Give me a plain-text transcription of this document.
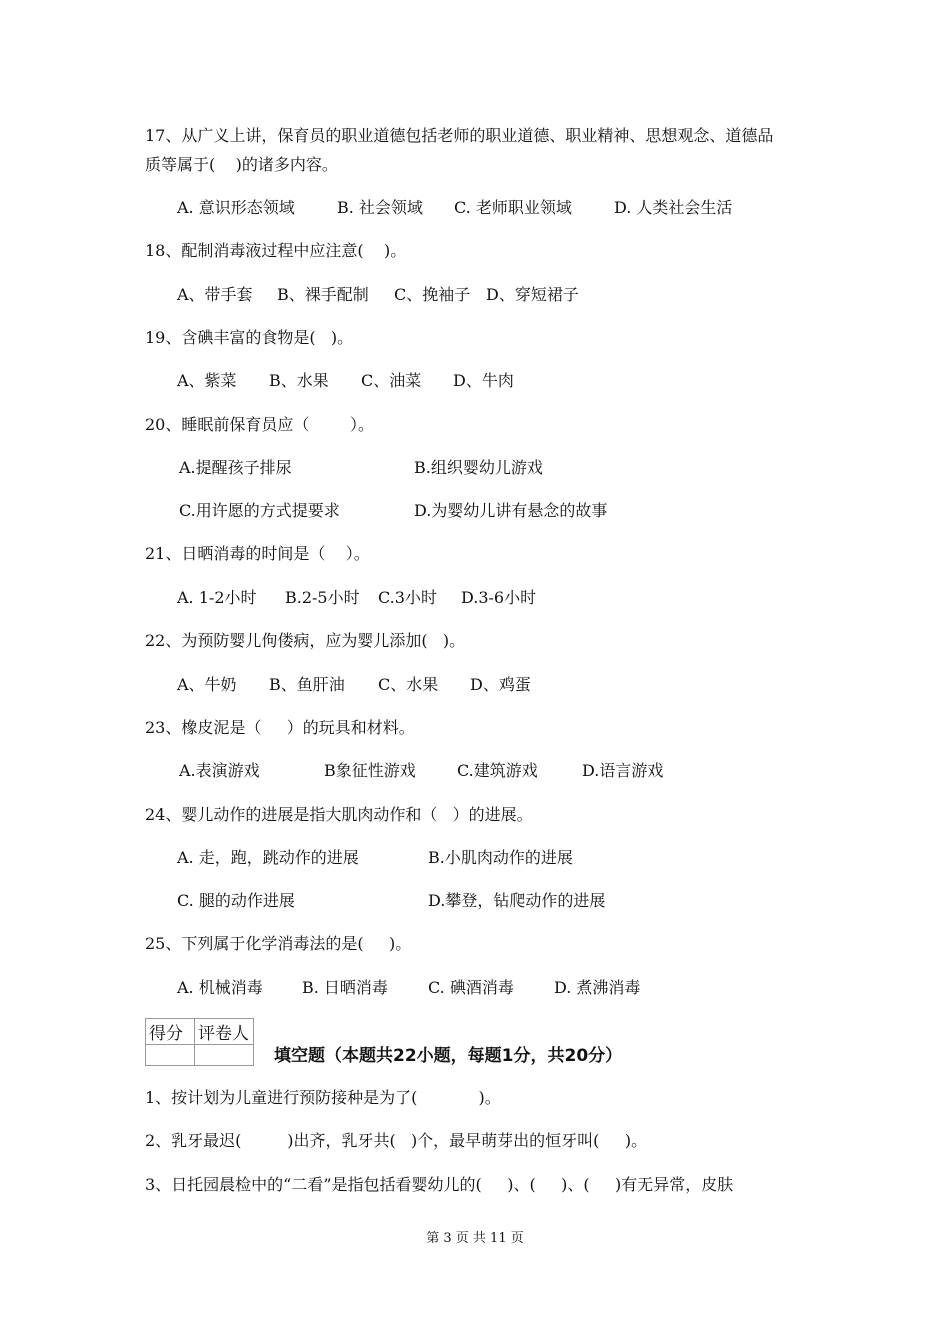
17、从广义上讲，保育员的职业道德包括老师的职业道德、职业精神、思想观念、道德品
质等属于(    )的诸多内容。
A. 意识形态领域	B. 社会领域 C. 老师职业领域	D. 人类社会生活
18、配制消毒液过程中应注意(    )。
A、带手套 B、裸手配制 C、挽袖子 D、穿短裙子
19、含碘丰富的食物是(   )。
A、紫菜 B、水果 C、油菜 D、牛肉
20、睡眠前保育员应（        ）。
A.提醒孩子排尿	B.组织婴幼儿游戏
C.用许愿的方式提要求	D.为婴幼儿讲有悬念的故事
21、日晒消毒的时间是（    ）。
A. 1-2小时 B.2-5小时 C.3小时 D.3-6小时
22、为预防婴儿佝偻病，应为婴儿添加(   )。
A、牛奶 B、鱼肝油 C、水果 D、鸡蛋
23、橡皮泥是（     ）的玩具和材料。
A.表演游戏	B象征性游戏	C.建筑游戏	D.语言游戏
24、婴儿动作的进展是指大肌肉动作和（   ）的进展。
A. 走，跑，跳动作的进展	B.小肌肉动作的进展
C. 腿的动作进展	D.攀登，钻爬动作的进展
25、下列属于化学消毒法的是(     )。
A. 机械消毒 B. 日晒消毒	C. 碘酒消毒	D. 煮沸消毒
得分	评卷人

填空题（本题共22小题，每题1分，共20分）
1、按计划为儿童进行预防接种是为了(            )。
2、乳牙最迟(         )出齐，乳牙共(   )个，最早萌芽出的恒牙叫(     )。
3、日托园晨检中的“二看”是指包括看婴幼儿的(     )、(     )、(     )有无异常，皮肤
第 3 页 共 11 页
